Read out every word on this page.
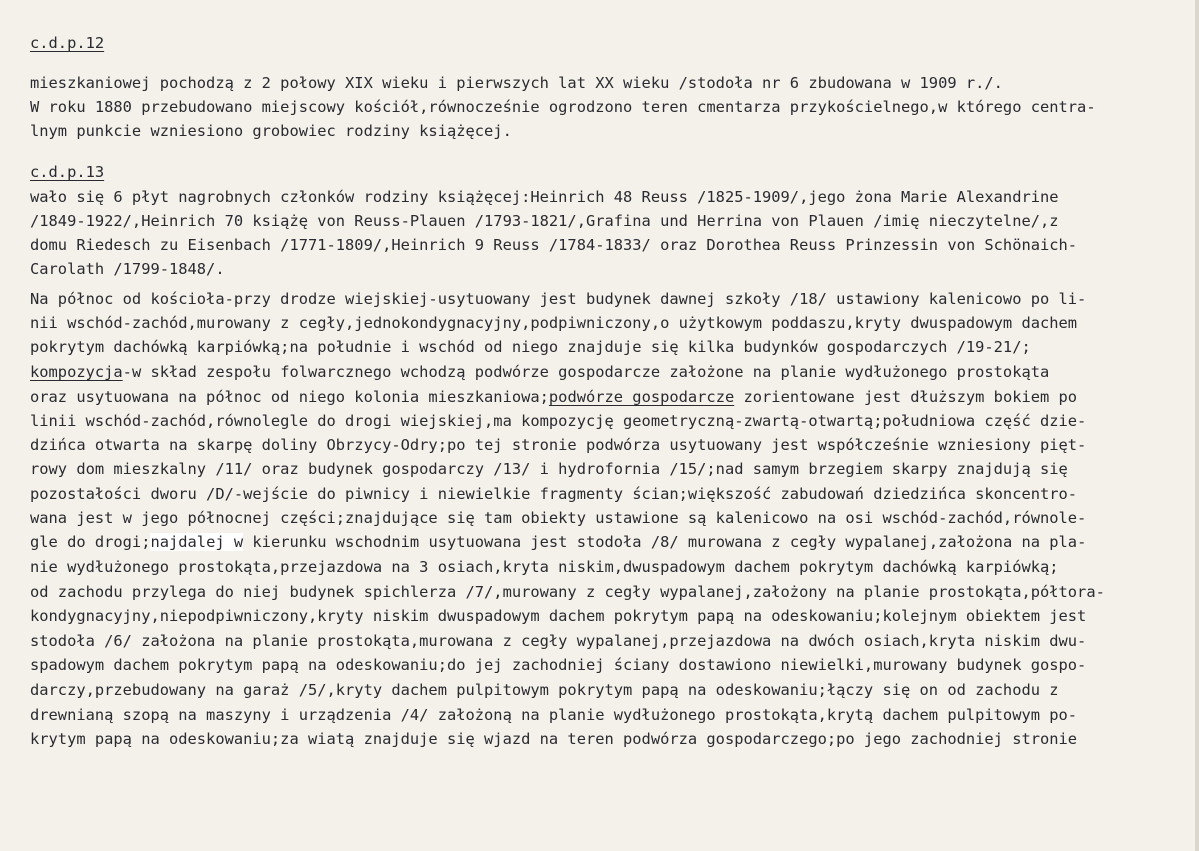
c.d.p.12

mieszkaniowej pochodzą z 2 połowy XIX wieku i pierwszych lat XX wieku /stodoła nr 6 zbudowana w 1909 r./.

W roku 1880 przebudowano miejscowy kościół,równocześnie ogrodzono teren cmentarza przykościelnego,w którego centra-

lnym punkcie wzniesiono grobowiec rodziny książęcej.

c.d.p.13

wało się 6 płyt nagrobnych członków rodziny książęcej:Heinrich 48 Reuss /1825-1909/,jego żona Marie Alexandrine

/1849-1922/,Heinrich 70 książę von Reuss-Plauen /1793-1821/,Grafina und Herrina von Plauen /imię nieczytelne/,z

domu Riedesch zu Eisenbach /1771-1809/,Heinrich 9 Reuss /1784-1833/ oraz Dorothea Reuss Prinzessin von Schönaich-

Carolath /1799-1848/.

Na północ od kościoła-przy drodze wiejskiej-usytuowany jest budynek dawnej szkoły /18/ ustawiony kalenicowo po li-

nii wschód-zachód,murowany z cegły,jednokondygnacyjny,podpiwniczony,o użytkowym poddaszu,kryty dwuspadowym dachem

pokrytym dachówką karpiówką;na południe i wschód od niego znajduje się kilka budynków gospodarczych /19-21/;

kompozycja-w skład zespołu folwarcznego wchodzą podwórze gospodarcze założone na planie wydłużonego prostokąta

oraz usytuowana na północ od niego kolonia mieszkaniowa;podwórze gospodarcze zorientowane jest dłuższym bokiem po

linii wschód-zachód,równolegle do drogi wiejskiej,ma kompozycję geometryczną-zwartą-otwartą;południowa część dzie-

dzińca otwarta na skarpę doliny Obrzycy-Odry;po tej stronie podwórza usytuowany jest współcześnie wzniesiony pięt-

rowy dom mieszkalny /11/ oraz budynek gospodarczy /13/ i hydrofornia /15/;nad samym brzegiem skarpy znajdują się

pozostałości dworu /D/-wejście do piwnicy i niewielkie fragmenty ścian;większość zabudowań dziedzińca skoncentro-

wana jest w jego północnej części;znajdujące się tam obiekty ustawione są kalenicowo na osi wschód-zachód,równole-

gle do drogi;najdalej w kierunku wschodnim usytuowana jest stodoła /8/ murowana z cegły wypalanej,założona na pla-

nie wydłużonego prostokąta,przejazdowa na 3 osiach,kryta niskim,dwuspadowym dachem pokrytym dachówką karpiówką;

od zachodu przylega do niej budynek spichlerza /7/,murowany z cegły wypalanej,założony na planie prostokąta,półtora-

kondygnacyjny,niepodpiwniczony,kryty niskim dwuspadowym dachem pokrytym papą na odeskowaniu;kolejnym obiektem jest

stodoła /6/ założona na planie prostokąta,murowana z cegły wypalanej,przejazdowa na dwóch osiach,kryta niskim dwu-

spadowym dachem pokrytym papą na odeskowaniu;do jej zachodniej ściany dostawiono niewielki,murowany budynek gospo-

darczy,przebudowany na garaż /5/,kryty dachem pulpitowym pokrytym papą na odeskowaniu;łączy się on od zachodu z

drewnianą szopą na maszyny i urządzenia /4/ założoną na planie wydłużonego prostokąta,krytą dachem pulpitowym po-

krytym papą na odeskowaniu;za wiatą znajduje się wjazd na teren podwórza gospodarczego;po jego zachodniej stronie
